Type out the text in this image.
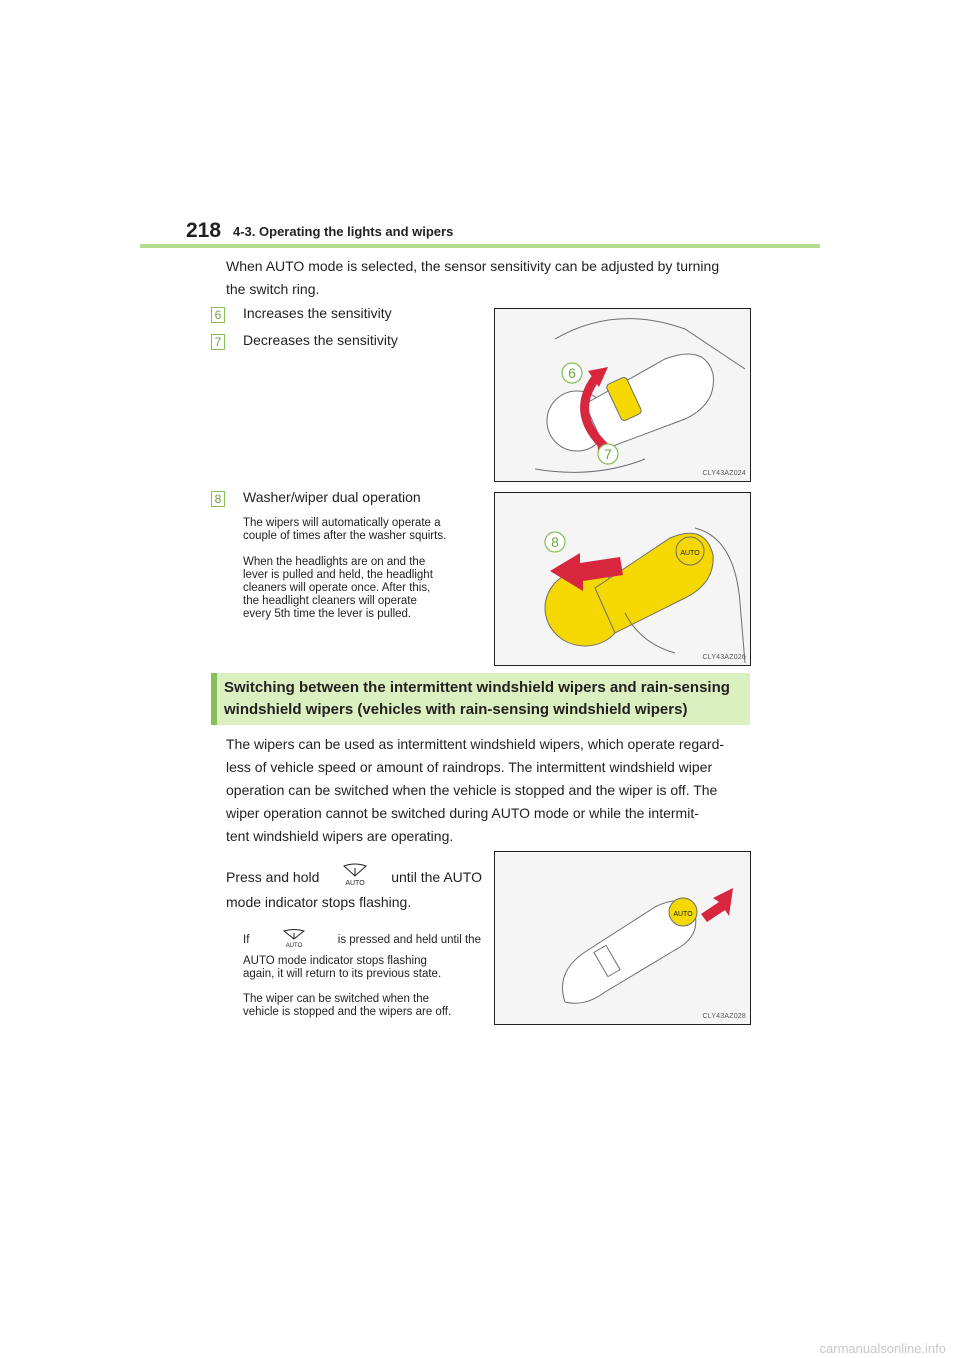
218 4-3. Operating the lights and wipers
When AUTO mode is selected, the sensor sensitivity can be adjusted by turning
the switch ring.
6 Increases the sensitivity
7 Decreases the sensitivity
6
7
CLY43AZ024
8 Washer/wiper dual operation
The wipers will automatically operate a
couple of times after the washer squirts.
When the headlights are on and the
lever is pulled and held, the headlight
cleaners will operate once. After this,
the headlight cleaners will operate
every 5th time the lever is pulled.
AUTO
8
CLY43AZ026
Switching between the intermittent windshield wipers and rain-sensing
windshield wipers (vehicles with rain-sensing windshield wipers)
The wipers can be used as intermittent windshield wipers, which operate regard-
less of vehicle speed or amount of raindrops. The intermittent windshield wiper
operation can be switched when the vehicle is stopped and the wiper is off. The
wiper operation cannot be switched during AUTO mode or while the intermit-
tent windshield wipers are operating.
Press and hold	AUTO until the AUTO
mode indicator stops flashing.
If
AUTO
is pressed and held until the
AUTO mode indicator stops flashing
again, it will return to its previous state.
The wiper can be switched when the
vehicle is stopped and the wipers are off.
AUTO
CLY43AZ028
carmanualsonline.info
